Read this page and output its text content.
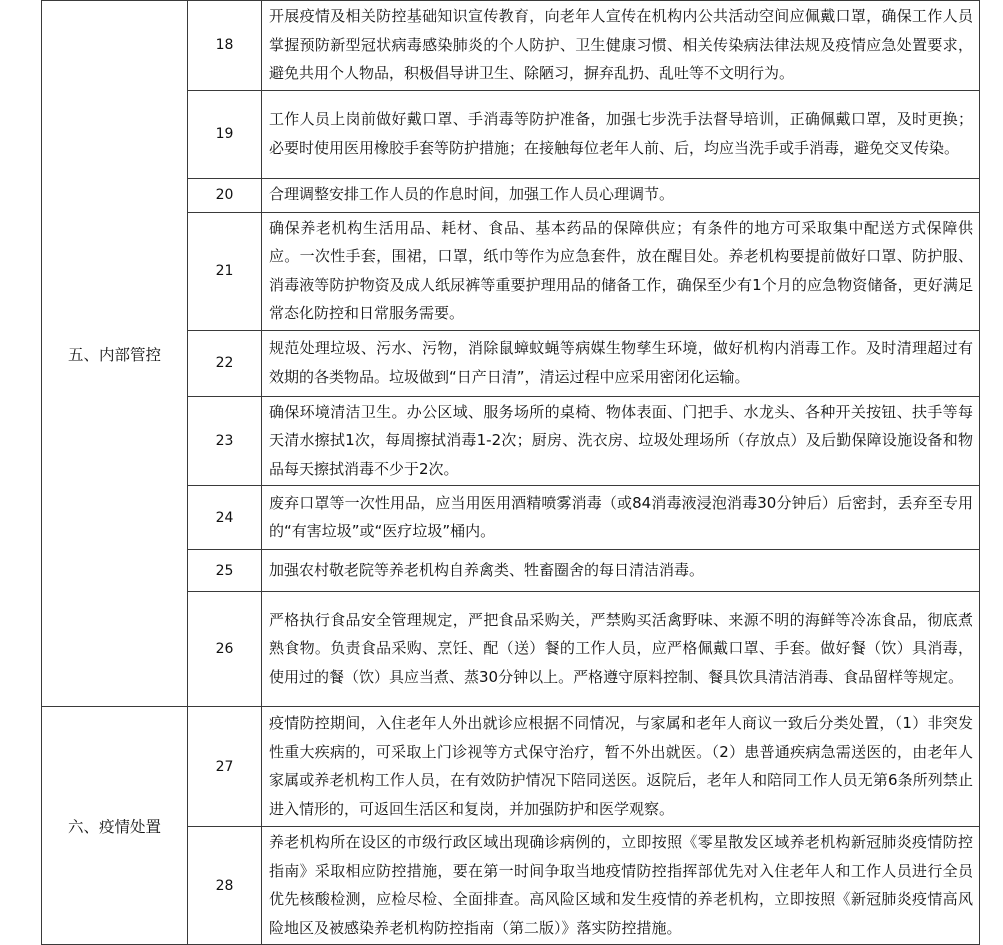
五、内部管控	18	开展疫情及相关防控基础知识宣传教育，向老年人宣传在机构内公共活动空间应佩戴口罩，确保工作人员掌握预防新型冠状病毒感染肺炎的个人防护、卫生健康习惯、相关传染病法律法规及疫情应急处置要求，避免共用个人物品，积极倡导讲卫生、除陋习，摒弃乱扔、乱吐等不文明行为。

	19	工作人员上岗前做好戴口罩、手消毒等防护准备，加强七步洗手法督导培训，正确佩戴口罩，及时更换；必要时使用医用橡胶手套等防护措施；在接触每位老年人前、后，均应当洗手或手消毒，避免交叉传染。

	20	合理调整安排工作人员的作息时间，加强工作人员心理调节。

	21	确保养老机构生活用品、耗材、食品、基本药品的保障供应；有条件的地方可采取集中配送方式保障供应。一次性手套，围裙，口罩，纸巾等作为应急套件，放在醒目处。养老机构要提前做好口罩、防护服、消毒液等防护物资及成人纸尿裤等重要护理用品的储备工作，确保至少有1个月的应急物资储备，更好满足常态化防控和日常服务需要。

	22	规范处理垃圾、污水、污物，消除鼠蟑蚊蝇等病媒生物孳生环境，做好机构内消毒工作。及时清理超过有效期的各类物品。垃圾做到“日产日清”，清运过程中应采用密闭化运输。

	23	确保环境清洁卫生。办公区域、服务场所的桌椅、物体表面、门把手、水龙头、各种开关按钮、扶手等每天清水擦拭1次，每周擦拭消毒1-2次；厨房、洗衣房、垃圾处理场所（存放点）及后勤保障设施设备和物品每天擦拭消毒不少于2次。

	24	废弃口罩等一次性用品，应当用医用酒精喷雾消毒（或84消毒液浸泡消毒30分钟后）后密封，丢弃至专用的“有害垃圾”或“医疗垃圾”桶内。

	25	加强农村敬老院等养老机构自养禽类、牲畜圈舍的每日清洁消毒。

	26	严格执行食品安全管理规定，严把食品采购关，严禁购买活禽野味、来源不明的海鲜等冷冻食品，彻底煮熟食物。负责食品采购、烹饪、配（送）餐的工作人员，应严格佩戴口罩、手套。做好餐（饮）具消毒，使用过的餐（饮）具应当煮、蒸30分钟以上。严格遵守原料控制、餐具饮具清洁消毒、食品留样等规定。

六、疫情处置	27	疫情防控期间，入住老年人外出就诊应根据不同情况，与家属和老年人商议一致后分类处置，（1）非突发性重大疾病的，可采取上门诊视等方式保守治疗，暂不外出就医。（2）患普通疾病急需送医的，由老年人家属或养老机构工作人员，在有效防护情况下陪同送医。返院后，老年人和陪同工作人员无第6条所列禁止进入情形的，可返回生活区和复岗，并加强防护和医学观察。

	28	养老机构所在设区的市级行政区域出现确诊病例的，立即按照《零星散发区域养老机构新冠肺炎疫情防控指南》采取相应防控措施，要在第一时间争取当地疫情防控指挥部优先对入住老年人和工作人员进行全员优先核酸检测，应检尽检、全面排查。高风险区域和发生疫情的养老机构，立即按照《新冠肺炎疫情高风险地区及被感染养老机构防控指南（第二版）》落实防控措施。
